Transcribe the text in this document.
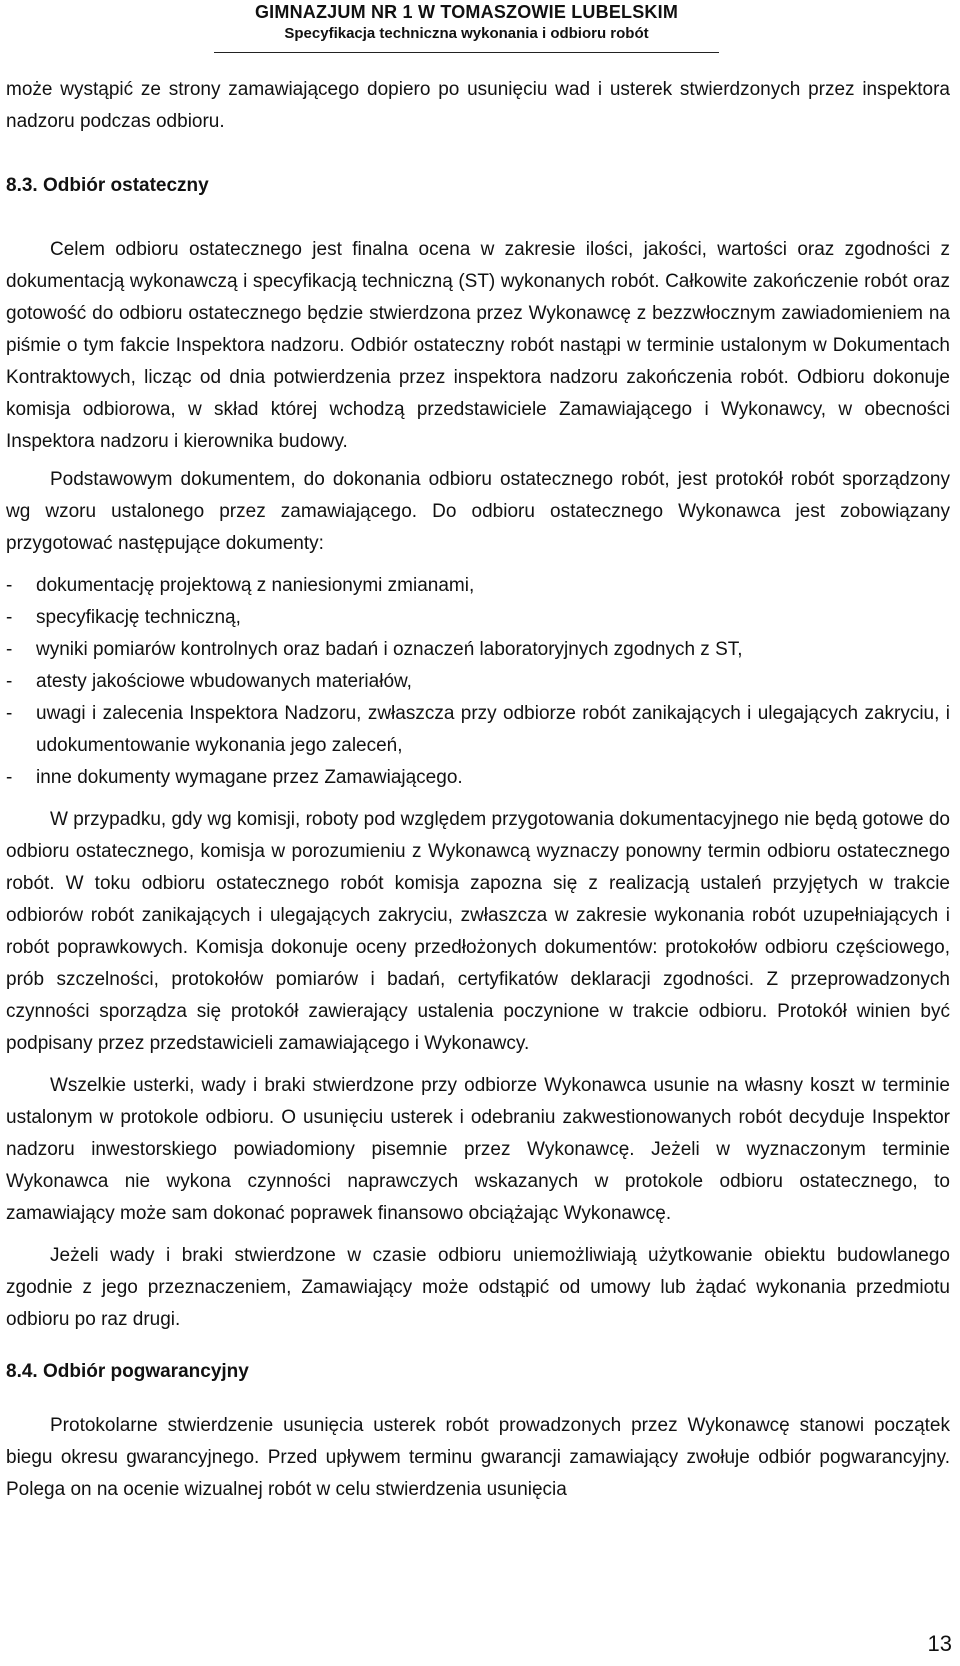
GIMNAZJUM NR 1 W TOMASZOWIE LUBELSKIM
Specyfikacja techniczna wykonania i odbioru robót

może wystąpić ze strony zamawiającego dopiero po usunięciu wad i usterek stwierdzonych przez inspektora nadzoru podczas odbioru.

8.3. Odbiór ostateczny

Celem odbioru ostatecznego jest finalna ocena w zakresie ilości, jakości, wartości oraz zgodności z dokumentacją wykonawczą i specyfikacją techniczną (ST) wykonanych robót. Całkowite zakończenie robót oraz gotowość do odbioru ostatecznego będzie stwierdzona przez Wykonawcę z bezzwłocznym zawiadomieniem na piśmie o tym fakcie Inspektora nadzoru. Odbiór ostateczny robót nastąpi w terminie ustalonym w Dokumentach Kontraktowych, licząc od dnia potwierdzenia przez inspektora nadzoru zakończenia robót. Odbioru dokonuje komisja odbiorowa, w skład której wchodzą przedstawiciele Zamawiającego i Wykonawcy, w obecności Inspektora nadzoru i kierownika budowy.

Podstawowym dokumentem, do dokonania odbioru ostatecznego robót, jest protokół robót sporządzony wg wzoru ustalonego przez zamawiającego. Do odbioru ostatecznego Wykonawca jest zobowiązany przygotować następujące dokumenty:

- dokumentację projektową z naniesionymi zmianami,
- specyfikację techniczną,
- wyniki pomiarów kontrolnych oraz badań i oznaczeń laboratoryjnych zgodnych z ST,
- atesty jakościowe wbudowanych materiałów,
- uwagi i zalecenia Inspektora Nadzoru, zwłaszcza przy odbiorze robót zanikających i ulegających zakryciu, i udokumentowanie wykonania jego zaleceń,
- inne dokumenty wymagane przez Zamawiającego.

W przypadku, gdy wg komisji, roboty pod względem przygotowania dokumentacyjnego nie będą gotowe do odbioru ostatecznego, komisja w porozumieniu z Wykonawcą wyznaczy ponowny termin odbioru ostatecznego robót. W toku odbioru ostatecznego robót komisja zapozna się z realizacją ustaleń przyjętych w trakcie odbiorów robót zanikających i ulegających zakryciu, zwłaszcza w zakresie wykonania robót uzupełniających i robót poprawkowych. Komisja dokonuje oceny przedłożonych dokumentów: protokołów odbioru częściowego, prób szczelności, protokołów pomiarów i badań, certyfikatów deklaracji zgodności. Z przeprowadzonych czynności sporządza się protokół zawierający ustalenia poczynione w trakcie odbioru. Protokół winien być podpisany przez przedstawicieli zamawiającego i Wykonawcy.

Wszelkie usterki, wady i braki stwierdzone przy odbiorze Wykonawca usunie na własny koszt w terminie ustalonym w protokole odbioru. O usunięciu usterek i odebraniu zakwestionowanych robót decyduje Inspektor nadzoru inwestorskiego powiadomiony pisemnie przez Wykonawcę. Jeżeli w wyznaczonym terminie Wykonawca nie wykona czynności naprawczych wskazanych w protokole odbioru ostatecznego, to zamawiający może sam dokonać poprawek finansowo obciążając Wykonawcę.

Jeżeli wady i braki stwierdzone w czasie odbioru uniemożliwiają użytkowanie obiektu budowlanego zgodnie z jego przeznaczeniem, Zamawiający może odstąpić od umowy lub żądać wykonania przedmiotu odbioru po raz drugi.

8.4. Odbiór pogwarancyjny

Protokolarne stwierdzenie usunięcia usterek robót prowadzonych przez Wykonawcę stanowi początek biegu okresu gwarancyjnego. Przed upływem terminu gwarancji zamawiający zwołuje odbiór pogwarancyjny. Polega on na ocenie wizualnej robót w celu stwierdzenia usunięcia

13
